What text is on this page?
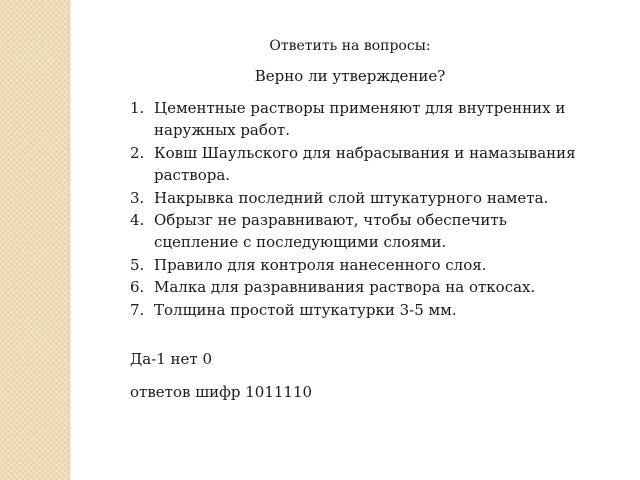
Ответить на вопросы:
Верно ли утверждение?
1. Цементные растворы применяют для внутренних и наружных работ.
2. Ковш Шаульского для набрасывания и намазывания раствора.
3. Накрывка последний слой штукатурного намета.
4. Обрызг не разравнивают, чтобы обеспечить сцепление с последующими слоями.
5. Правило для контроля нанесенного слоя.
6. Малка для разравнивания раствора на откосах.
7. Толщина простой штукатурки 3-5 мм.
Да-1 нет 0
ответов шифр 1011110
